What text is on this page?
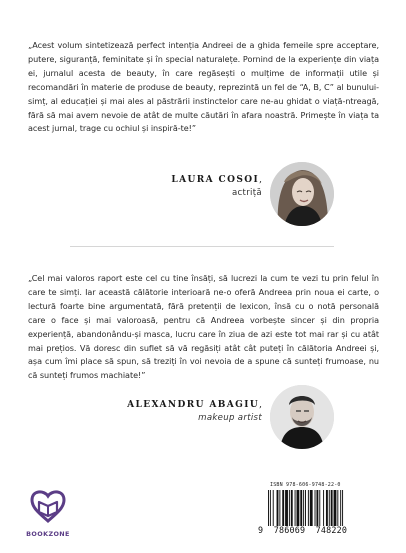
„Acest volum sintetizează perfect intenția Andreei de a ghida femeile spre acceptare, putere, siguranță, feminitate și în special naturalețe. Pornind de la experiențe din viața ei, jurnalul acesta de beauty, în care regăsești o mulțime de informații utile și recomandări în materie de produse de beauty, reprezintă un fel de “A, B, C” al bunului-simț, al educației și mai ales al păstrării instinctelor care ne-au ghidat o viață-ntreagă, fără să mai avem nevoie de atât de multe căutări în afara noastră. Primește în viața ta acest jurnal, trage cu ochiul și inspiră-te!”

LAURA COSOI,
actriță

„Cel mai valoros raport este cel cu tine însăți, să lucrezi la cum te vezi tu prin felul în care te simți. Iar această călătorie interioară ne-o oferă Andreea prin noua ei carte, o lectură foarte bine argumentată, fără pretenții de lexicon, însă cu o notă personală care o face și mai valoroasă, pentru că Andreea vorbește sincer și din propria experiență, abandonându-și masca, lucru care în ziua de azi este tot mai rar și cu atât mai prețios. Vă doresc din suflet să vă regăsiți atât cât puteți în călătoria Andreei și, așa cum îmi place să spun, să treziți în voi nevoia de a spune că sunteți frumoase, nu că sunteți frumos machiate!”

ALEXANDRU ABAGIU,
makeup artist
BOOKZONE
ISBN 978-606-9748-22-0
9 786069 748220
